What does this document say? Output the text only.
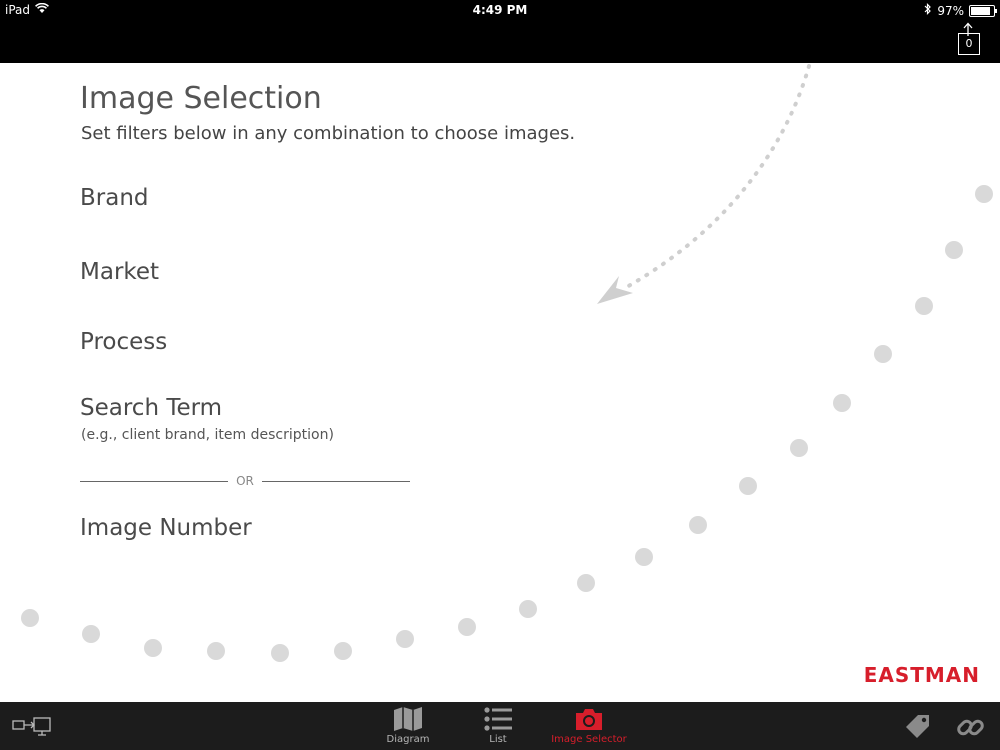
iPad	4:49 PM	97%
0
Image Selection
Set filters below in any combination to choose images.
Brand
Market
Process
Search Term
(e.g., client brand, item description)
OR
Image Number
EASTMAN
Diagram	List	Image Selector
